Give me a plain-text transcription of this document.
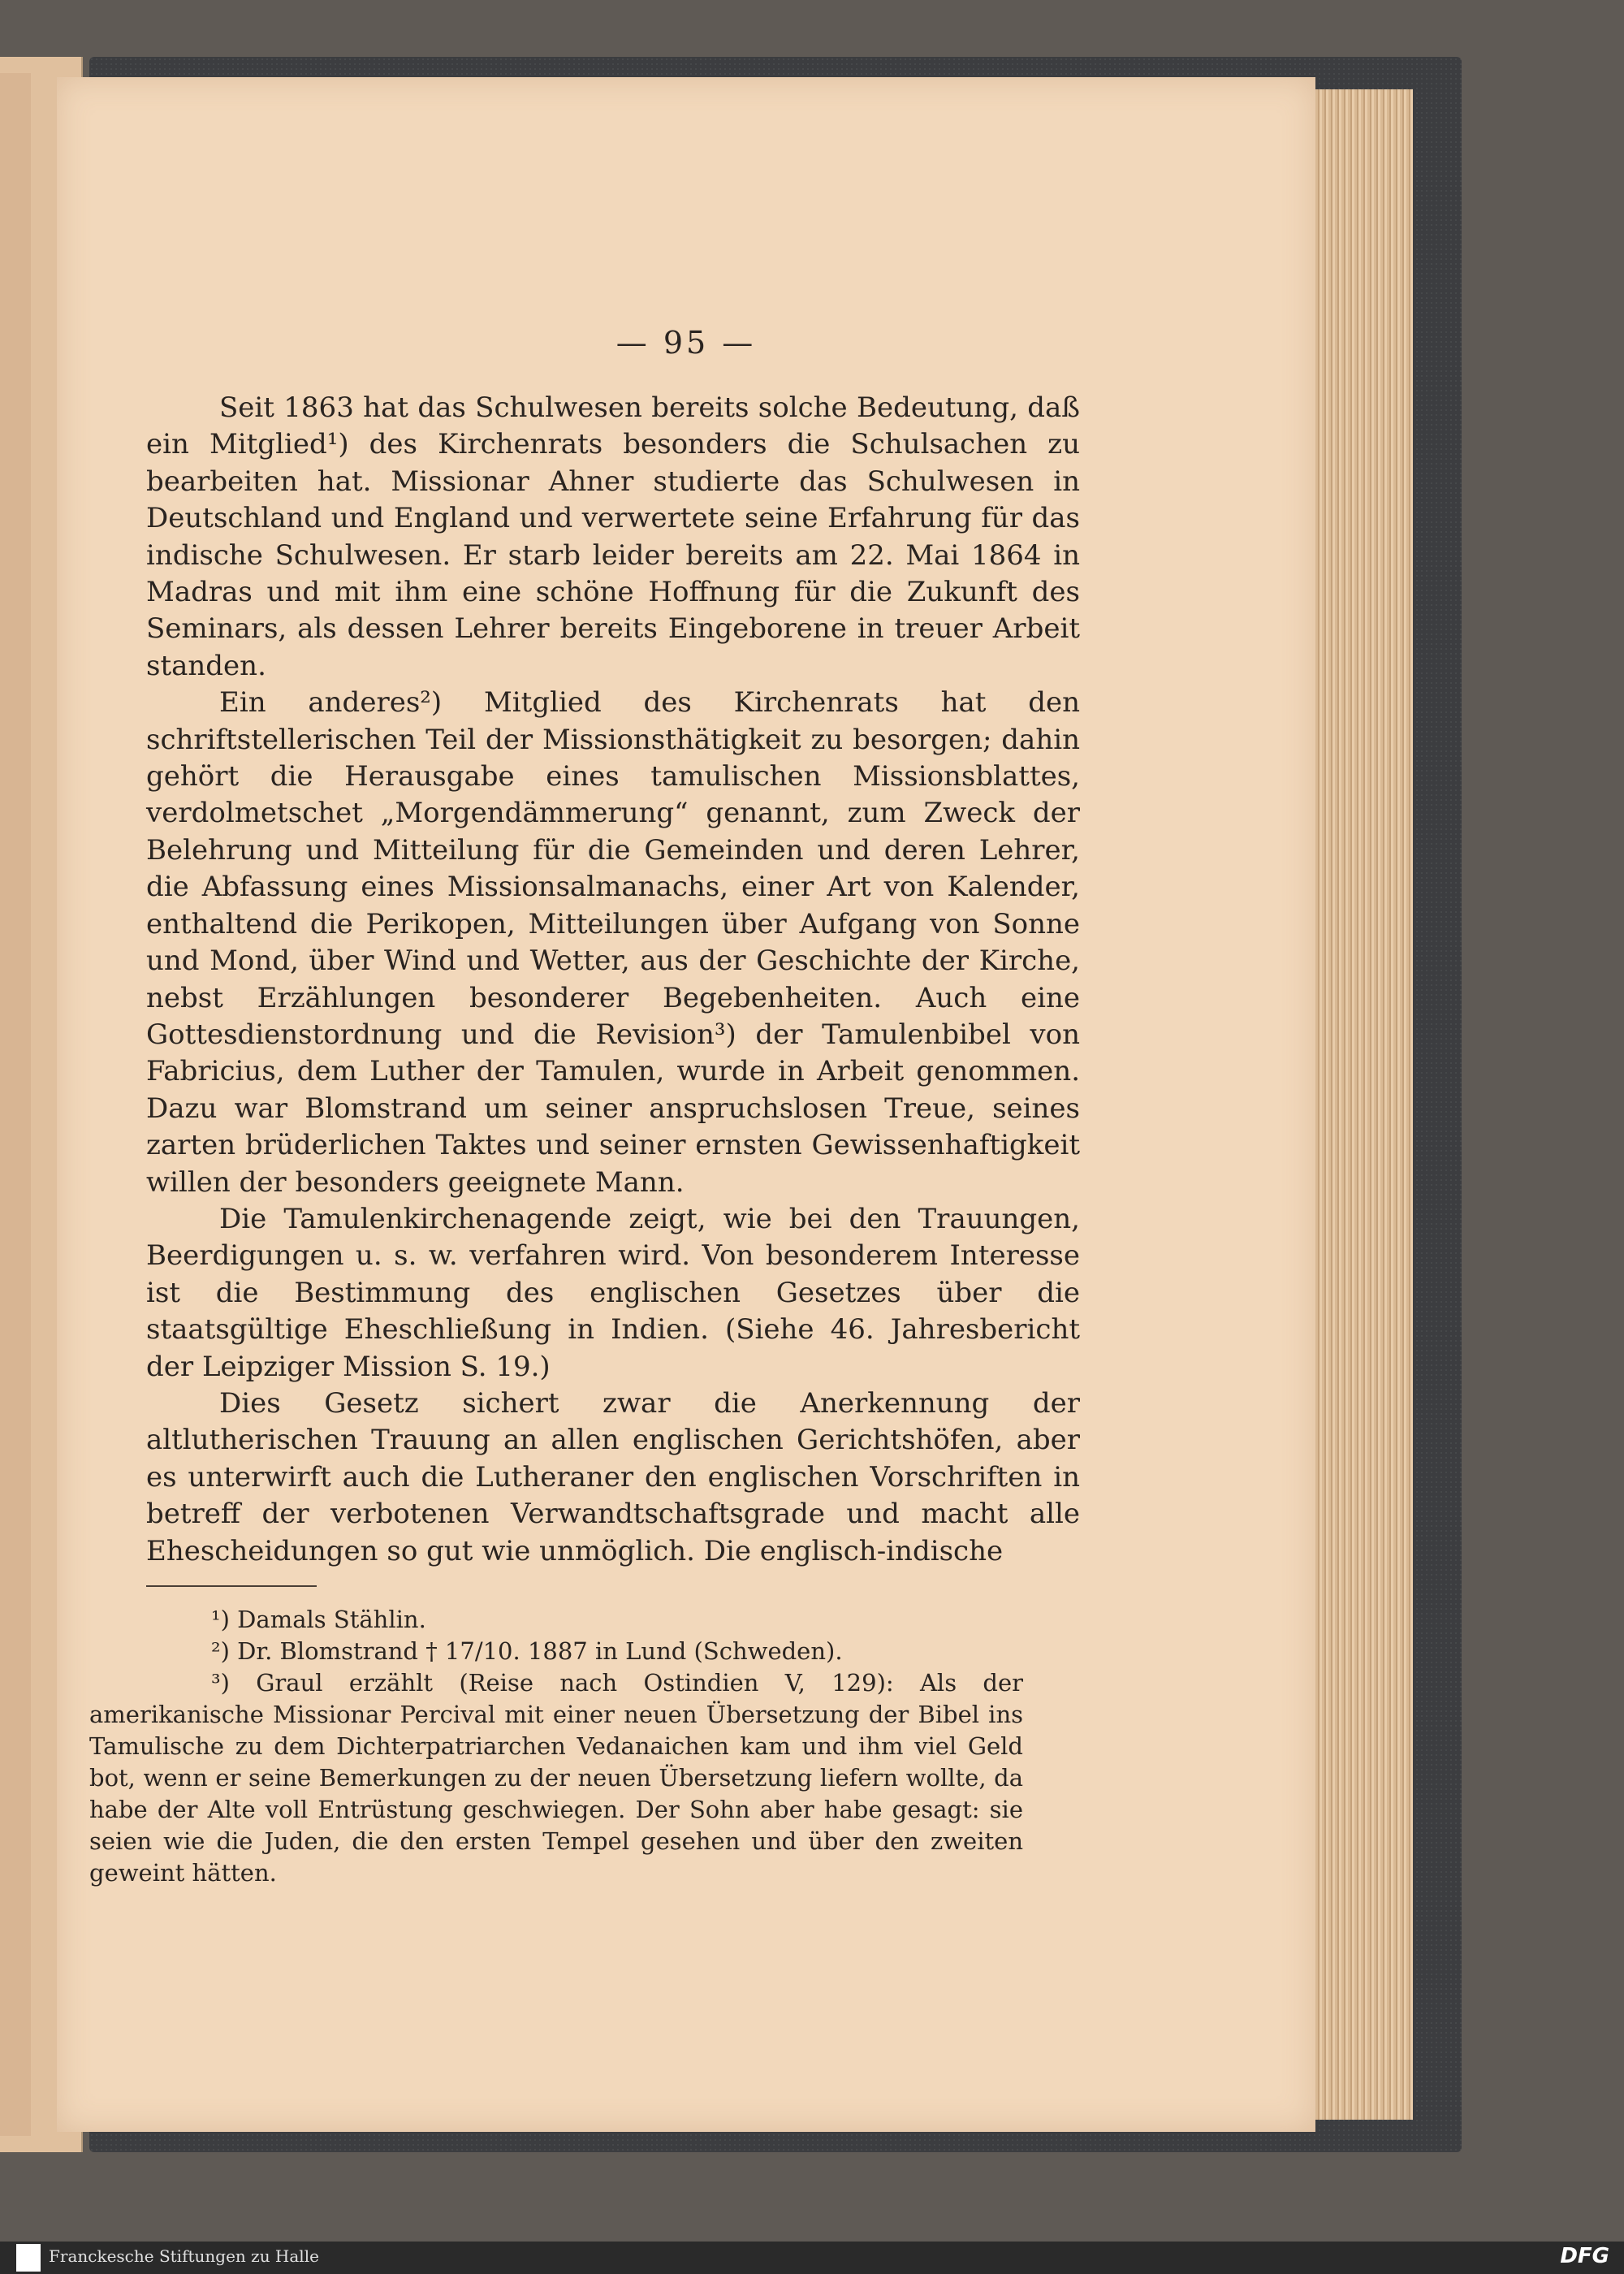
— 95 —

Seit 1863 hat das Schulwesen bereits solche Bedeutung, daß ein Mitglied¹) des Kirchenrats besonders die Schulsachen zu bearbeiten hat. Missionar Ahner studierte das Schulwesen in Deutschland und England und verwertete seine Erfahrung für das indische Schulwesen. Er starb leider bereits am 22. Mai 1864 in Madras und mit ihm eine schöne Hoffnung für die Zukunft des Seminars, als dessen Lehrer bereits Eingeborene in treuer Arbeit standen.

Ein anderes²) Mitglied des Kirchenrats hat den schriftstellerischen Teil der Missionsthätigkeit zu besorgen; dahin gehört die Herausgabe eines tamulischen Missionsblattes, verdolmetschet „Morgendämmerung“ genannt, zum Zweck der Belehrung und Mitteilung für die Gemeinden und deren Lehrer, die Abfassung eines Missionsalmanachs, einer Art von Kalender, enthaltend die Perikopen, Mitteilungen über Aufgang von Sonne und Mond, über Wind und Wetter, aus der Geschichte der Kirche, nebst Erzählungen besonderer Begebenheiten. Auch eine Gottesdienstordnung und die Revision³) der Tamulenbibel von Fabricius, dem Luther der Tamulen, wurde in Arbeit genommen. Dazu war Blomstrand um seiner anspruchslosen Treue, seines zarten brüderlichen Taktes und seiner ernsten Gewissenhaftigkeit willen der besonders geeignete Mann.

Die Tamulenkirchenagende zeigt, wie bei den Trauungen, Beerdigungen u. s. w. verfahren wird. Von besonderem Interesse ist die Bestimmung des englischen Gesetzes über die staatsgültige Eheschließung in Indien. (Siehe 46. Jahresbericht der Leipziger Mission S. 19.)

Dies Gesetz sichert zwar die Anerkennung der altlutherischen Trauung an allen englischen Gerichtshöfen, aber es unterwirft auch die Lutheraner den englischen Vorschriften in betreff der verbotenen Verwandtschaftsgrade und macht alle Ehescheidungen so gut wie unmöglich. Die englisch-indische

¹) Damals Stählin.

²) Dr. Blomstrand † 17/10. 1887 in Lund (Schweden).

³) Graul erzählt (Reise nach Ostindien V, 129): Als der amerikanische Missionar Percival mit einer neuen Übersetzung der Bibel ins Tamulische zu dem Dichterpatriarchen Vedanaichen kam und ihm viel Geld bot, wenn er seine Bemerkungen zu der neuen Übersetzung liefern wollte, da habe der Alte voll Entrüstung geschwiegen. Der Sohn aber habe gesagt: sie seien wie die Juden, die den ersten Tempel gesehen und über den zweiten geweint hätten.

Franckesche Stiftungen zu Halle	DFG
